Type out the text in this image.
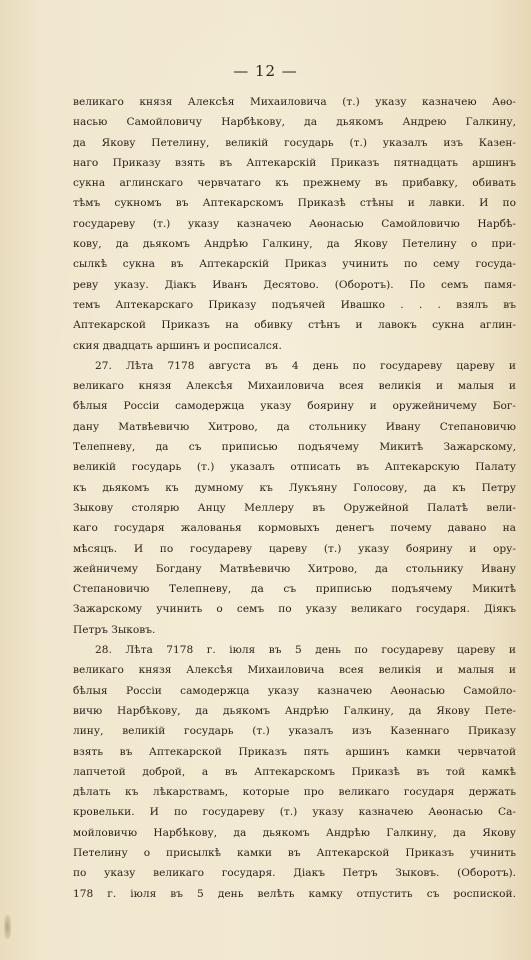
— 12 —
великаго князя Алексѣя Михаиловича (т.) указу казначею Аѳо-
насью Самойловичу Нарбѣкову, да дьякомъ Андрею Галкину,
да Якову Петелину, великій государь (т.) указалъ изъ Казен-
наго Приказу взять въ Аптекарскій Приказъ пятнадцать аршинъ
сукна аглинскаго червчатаго къ прежнему въ прибавку, обивать
тѣмъ сукномъ въ Аптекарскомъ Приказѣ стѣны и лавки. И по
государеву (т.) указу казначею Аѳонасью Самойловичю Нарбѣ-
кову, да дьякомъ Андрѣю Галкину, да Якову Петелину о при-
сылкѣ сукна въ Аптекарскій Приказ учинить по сему госуда-
реву указу. Діакъ Иванъ Десятово. (Оборотъ). По семъ памя-
темъ Аптекарскаго Приказу подъячей Ивашко . . . взялъ въ
Аптекарской Приказъ на обивку стѣнъ и лавокъ сукна аглин-
ския двадцать аршинъ и росписался.
27. Лѣта 7178 августа въ 4 день по государеву цареву и
великаго князя Алексѣя Михаиловича всея великія и малыя и
бѣлыя Россіи самодержца указу боярину и оружейничему Бог-
дану Матвѣевичю Хитрово, да стольнику Ивану Степановичю
Телепневу, да съ приписью подъячему Микитѣ Зажарскому,
великій государь (т.) указалъ отписать въ Аптекарскую Палату
къ дьякомъ къ думному къ Лукъяну Голосову, да къ Петру
Зыкову столярю Анцу Меллеру въ Оружейной Палатѣ вели-
каго государя жалованья кормовыхъ денегъ почему давано на
мѣсяцъ. И по государеву цареву (т.) указу боярину и ору-
жейничему Богдану Матвѣевичю Хитрово, да стольнику Ивану
Степановичю Телепневу, да съ приписью подъячему Микитѣ
Зажарскому учинить о семъ по указу великаго государя. Діякъ
Петръ Зыковъ.
28. Лѣта 7178 г. іюля въ 5 день по государеву цареву и
великаго князя Алексѣя Михаиловича всея великія и малыя и
бѣлыя Россіи самодержца указу казначею Аѳонасью Самойло-
вичю Нарбѣкову, да дьякомъ Андрѣю Галкину, да Якову Пете-
лину, великій государь (т.) указалъ изъ Казеннаго Приказу
взять въ Аптекарской Приказъ пять аршинъ камки червчатой
лапчетой доброй, а въ Аптекарскомъ Приказѣ въ той камкѣ
дѣлать къ лѣкарствамъ, которые про великаго государя держать
кровельки. И по государеву (т.) указу казначею Аѳонасью Са-
мойловичю Нарбѣкову, да дьякомъ Андрѣю Галкину, да Якову
Петелину о присылкѣ камки въ Аптекарской Приказъ учинить
по указу великаго государя. Діакъ Петръ Зыковъ. (Оборотъ).
178 г. іюля въ 5 день велѣть камку отпустить съ роспиской.
